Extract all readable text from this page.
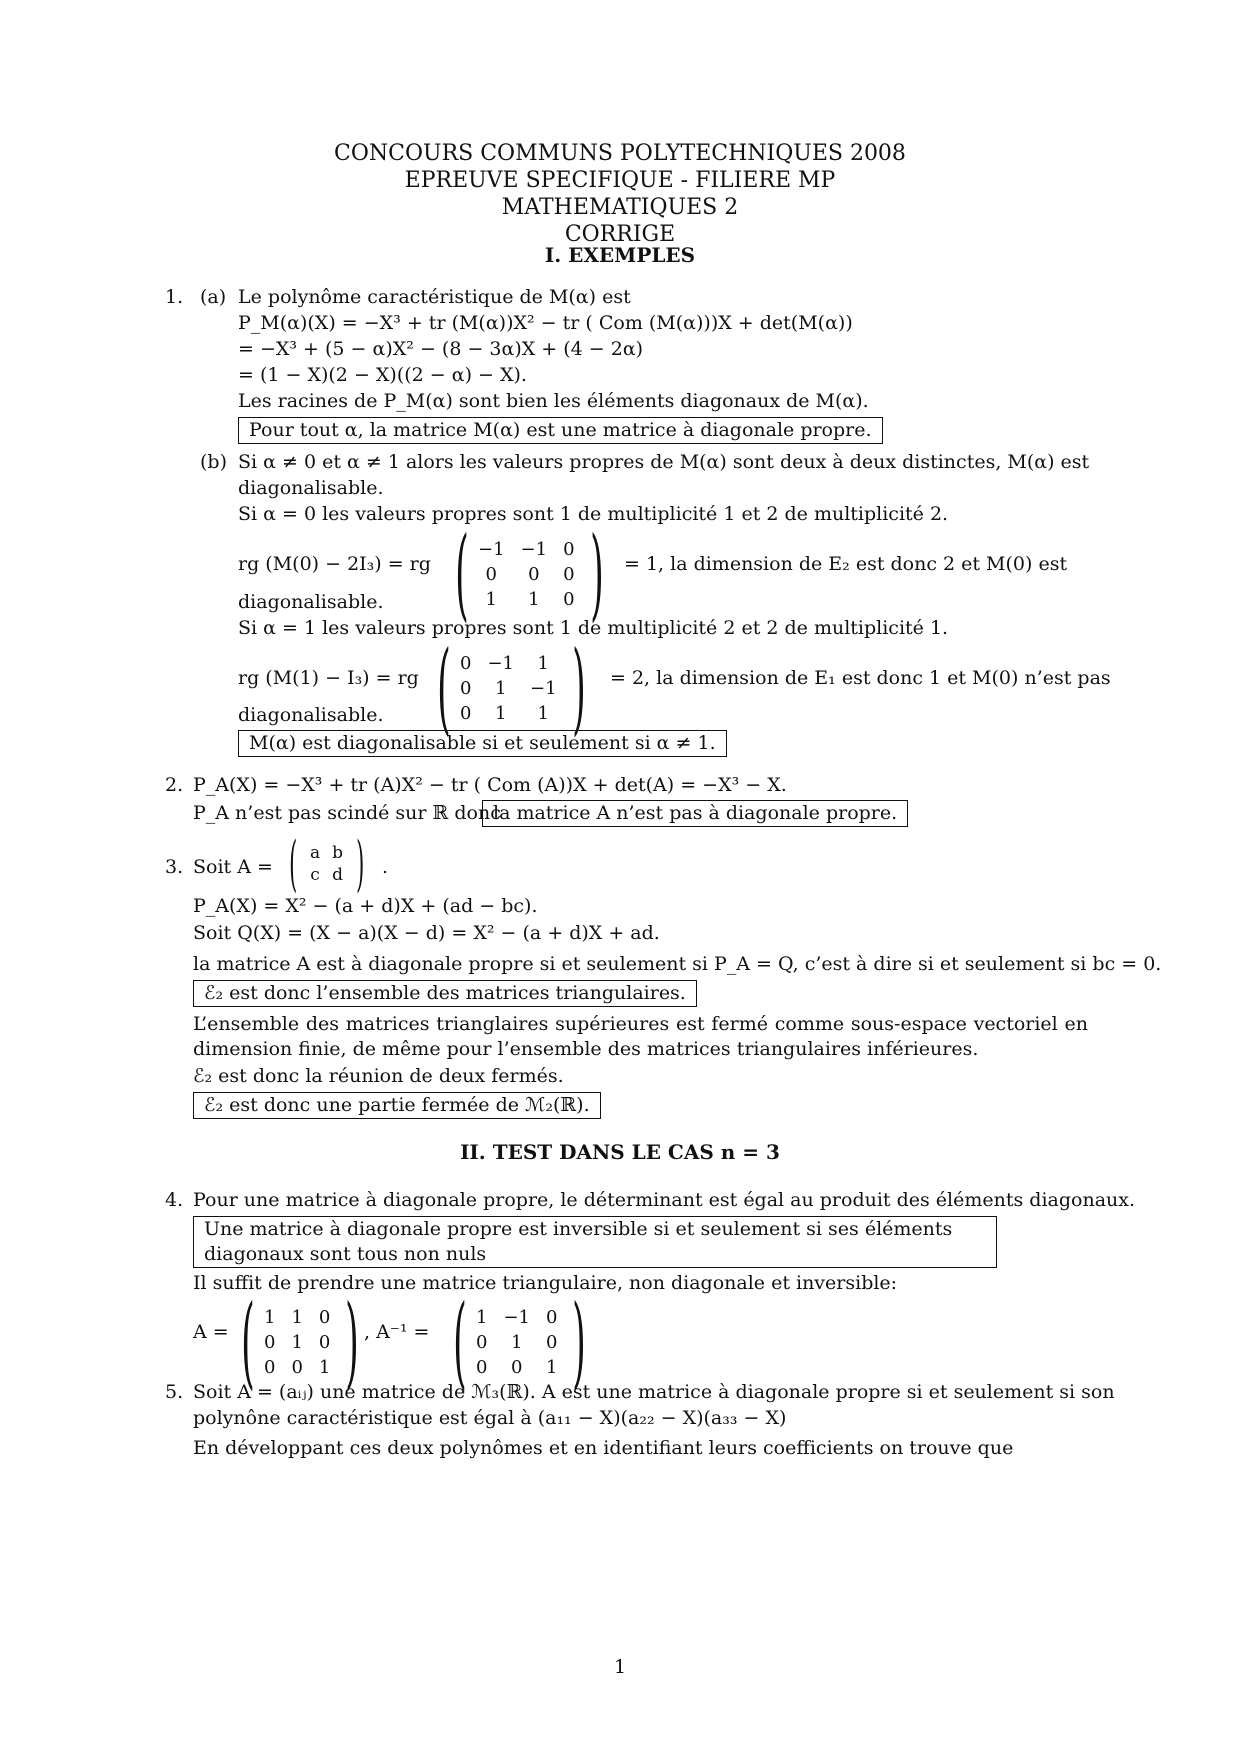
CONCOURS COMMUNS POLYTECHNIQUES 2008
EPREUVE SPECIFIQUE - FILIERE MP
MATHEMATIQUES 2
CORRIGE
I. EXEMPLES
1. (a) Le polynôme caractéristique de M(α) est
P_M(α)(X) = −X³ + tr (M(α))X² − tr ( Com (M(α)))X + det(M(α))
= −X³ + (5 − α)X² − (8 − 3α)X + (4 − 2α)
= (1 − X)(2 − X)((2 − α) − X).
Les racines de P_M(α) sont bien les éléments diagonaux de M(α).
Pour tout α, la matrice M(α) est une matrice à diagonale propre.
(b) Si α ≠ 0 et α ≠ 1 alors les valeurs propres de M(α) sont deux à deux distinctes, M(α) est
diagonalisable.
Si α = 0 les valeurs propres sont 1 de multiplicité 1 et 2 de multiplicité 2.
rg (M(0) − 2I₃) = rg ( −1	−1	0
0	0	0
1	1	0 ) = 1, la dimension de E₂ est donc 2 et M(0) est
diagonalisable.
Si α = 1 les valeurs propres sont 1 de multiplicité 2 et 2 de multiplicité 1.
rg (M(1) − I₃) = rg ( 0	−1	1
0	1	−1
0	1	1 ) = 2, la dimension de E₁ est donc 1 et M(0) n’est pas
diagonalisable.
M(α) est diagonalisable si et seulement si α ≠ 1.
2. P_A(X) = −X³ + tr (A)X² − tr ( Com (A))X + det(A) = −X³ − X.
P_A n’est pas scindé sur ℝ donc
la matrice A n’est pas à diagonale propre.
3. Soit A = ( a	b
c	d ) .
P_A(X) = X² − (a + d)X + (ad − bc).
Soit Q(X) = (X − a)(X − d) = X² − (a + d)X + ad.
la matrice A est à diagonale propre si et seulement si P_A = Q, c’est à dire si et seulement si bc = 0.
ℰ₂ est donc l’ensemble des matrices triangulaires.
L’ensemble des matrices trianglaires supérieures est fermé comme sous-espace vectoriel en dimension finie, de même pour l’ensemble des matrices triangulaires inférieures.
ℰ₂ est donc la réunion de deux fermés.
ℰ₂ est donc une partie fermée de ℳ₂(ℝ).
II. TEST DANS LE CAS n = 3
4. Pour une matrice à diagonale propre, le déterminant est égal au produit des éléments diagonaux.
Une matrice à diagonale propre est inversible si et seulement si ses éléments diagonaux sont tous non nuls
Il suffit de prendre une matrice triangulaire, non diagonale et inversible:
A = ( 1	1	0
0	1	0
0	0	1 ) , A⁻¹ = ( 1	−1	0
0	1	0
0	0	1 )
5. Soit A = (aᵢⱼ) une matrice de ℳ₃(ℝ). A est une matrice à diagonale propre si et seulement si son
polynône caractéristique est égal à (a₁₁ − X)(a₂₂ − X)(a₃₃ − X)
En développant ces deux polynômes et en identifiant leurs coefficients on trouve que
1
